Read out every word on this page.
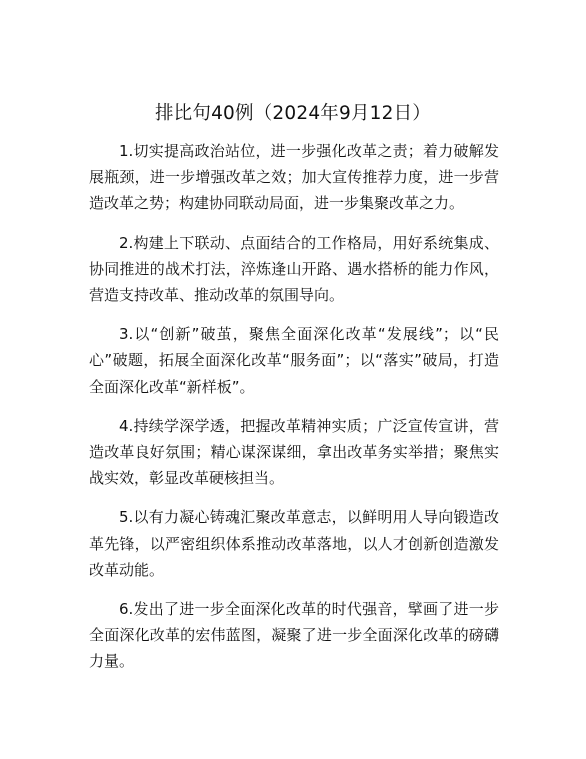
排比句40例（2024年9月12日）

1.切实提高政治站位，进一步强化改革之责；着力破解发展瓶颈，进一步增强改革之效；加大宣传推荐力度，进一步营造改革之势；构建协同联动局面，进一步集聚改革之力。

2.构建上下联动、点面结合的工作格局，用好系统集成、协同推进的战术打法，淬炼逢山开路、遇水搭桥的能力作风，营造支持改革、推动改革的氛围导向。

3.以“创新”破茧，聚焦全面深化改革“发展线”；以“民心”破题，拓展全面深化改革“服务面”；以“落实”破局，打造全面深化改革“新样板”。

4.持续学深学透，把握改革精神实质；广泛宣传宣讲，营造改革良好氛围；精心谋深谋细，拿出改革务实举措；聚焦实战实效，彰显改革硬核担当。

5.以有力凝心铸魂汇聚改革意志，以鲜明用人导向锻造改革先锋，以严密组织体系推动改革落地，以人才创新创造激发改革动能。

6.发出了进一步全面深化改革的时代强音，擘画了进一步全面深化改革的宏伟蓝图，凝聚了进一步全面深化改革的磅礴力量。
